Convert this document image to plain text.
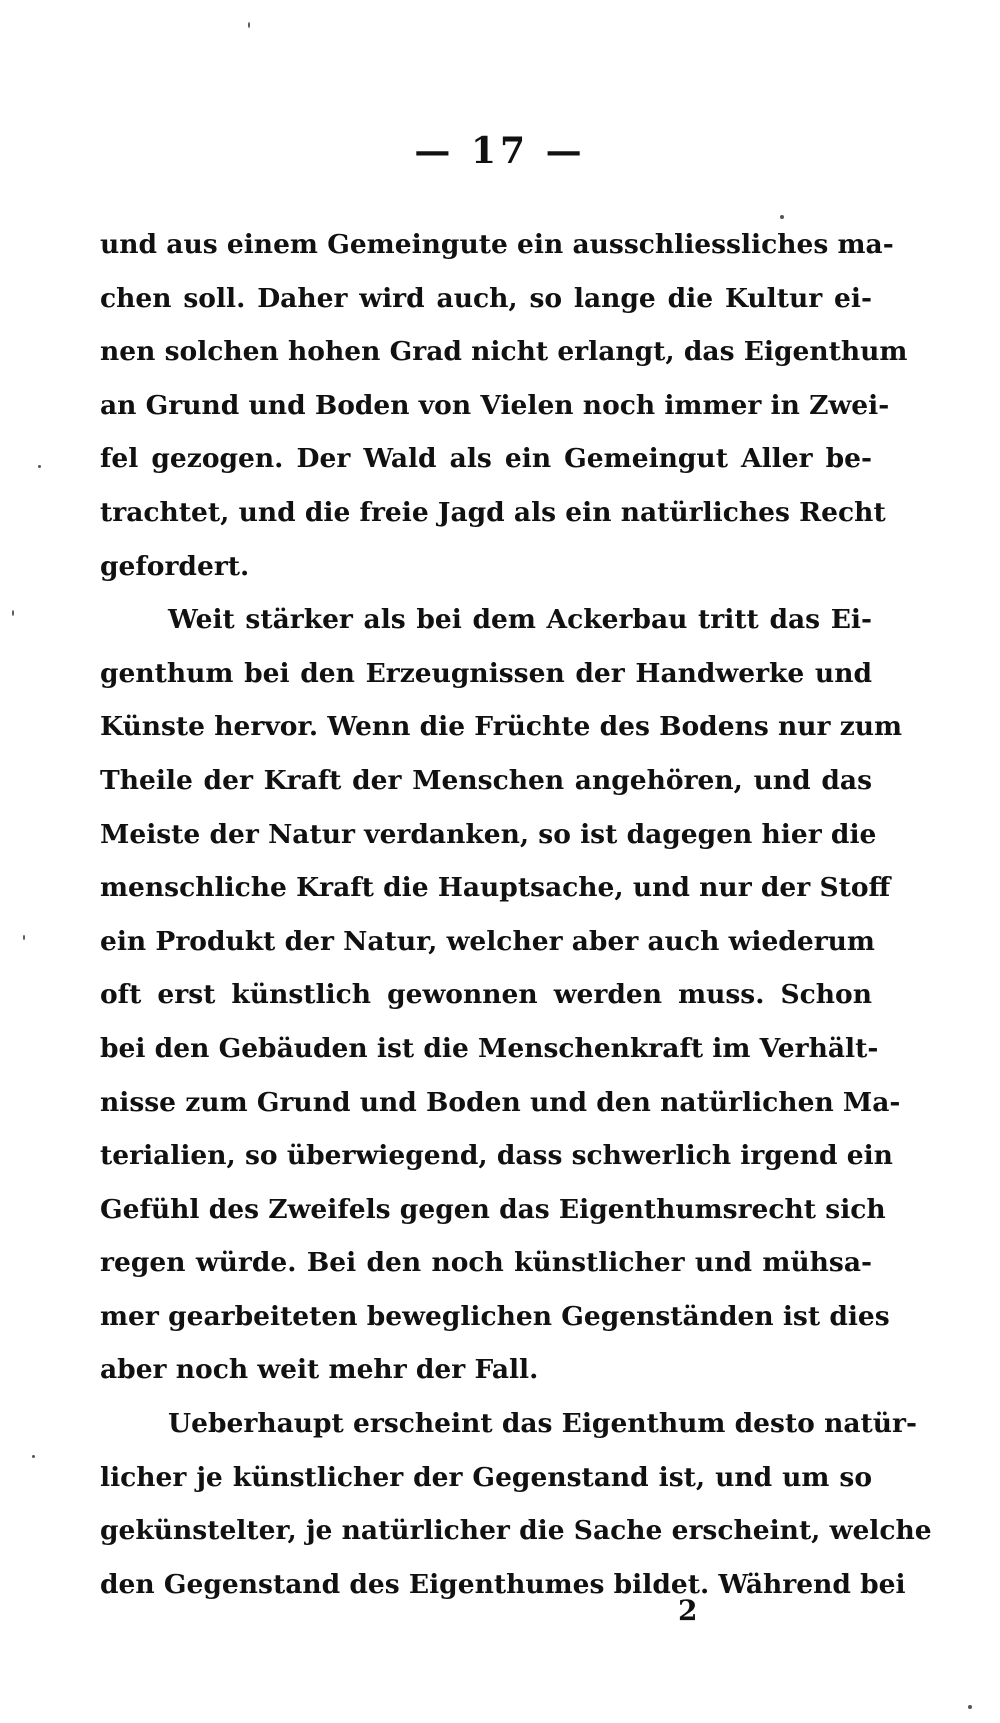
— 17 —
und aus einem Gemeingute ein ausschliessliches ma-
chen soll. Daher wird auch, so lange die Kultur ei-
nen solchen hohen Grad nicht erlangt, das Eigenthum
an Grund und Boden von Vielen noch immer in Zwei-
fel gezogen. Der Wald als ein Gemeingut Aller be-
trachtet, und die freie Jagd als ein natürliches Recht
gefordert.
Weit stärker als bei dem Ackerbau tritt das Ei-
genthum bei den Erzeugnissen der Handwerke und
Künste hervor. Wenn die Früchte des Bodens nur zum
Theile der Kraft der Menschen angehören, und das
Meiste der Natur verdanken, so ist dagegen hier die
menschliche Kraft die Hauptsache, und nur der Stoff
ein Produkt der Natur, welcher aber auch wiederum
oft erst künstlich gewonnen werden muss. Schon
bei den Gebäuden ist die Menschenkraft im Verhält-
nisse zum Grund und Boden und den natürlichen Ma-
terialien, so überwiegend, dass schwerlich irgend ein
Gefühl des Zweifels gegen das Eigenthumsrecht sich
regen würde. Bei den noch künstlicher und mühsa-
mer gearbeiteten beweglichen Gegenständen ist dies
aber noch weit mehr der Fall.
Ueberhaupt erscheint das Eigenthum desto natür-
licher je künstlicher der Gegenstand ist, und um so
gekünstelter, je natürlicher die Sache erscheint, welche
den Gegenstand des Eigenthumes bildet. Während bei
2
